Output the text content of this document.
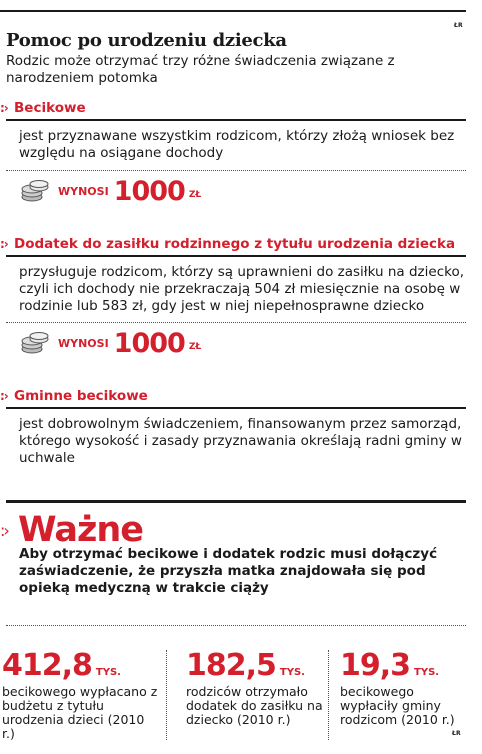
ŁR
Pomoc po urodzeniu dziecka

Rodzic może otrzymać trzy różne świadczenia związane z narodzeniem potomka

:› Becikowe

jest przyznawane wszystkim rodzicom, którzy złożą wniosek bez względu na osiągane dochody

WYNOSI 1000 ZŁ
:› Dodatek do zasiłku rodzinnego z tytułu urodzenia dziecka

przysługuje rodzicom, którzy są uprawnieni do zasiłku na dziecko, czyli ich dochody nie przekraczają 504 zł miesięcznie na osobę w rodzinie lub 583 zł, gdy jest w niej niepełnosprawne dziecko

WYNOSI 1000 ZŁ
:› Gminne becikowe

jest dobrowolnym świadczeniem, finansowanym przez samorząd, którego wysokość i zasady przyznawania określają radni gminy w uchwale

:› Ważne

Aby otrzymać becikowe i dodatek rodzic musi dołączyć zaświadczenie, że przyszła matka znajdowała się pod opieką medyczną w trakcie ciąży

412,8 TYS.

becikowego wypłacano z budżetu z tytułu urodzenia dzieci (2010 r.)

182,5 TYS.

rodziców otrzymało dodatek do zasiłku na dziecko (2010 r.)

19,3 TYS.

becikowego wypłaciły gminy rodzicom (2010 r.)

ŁR
